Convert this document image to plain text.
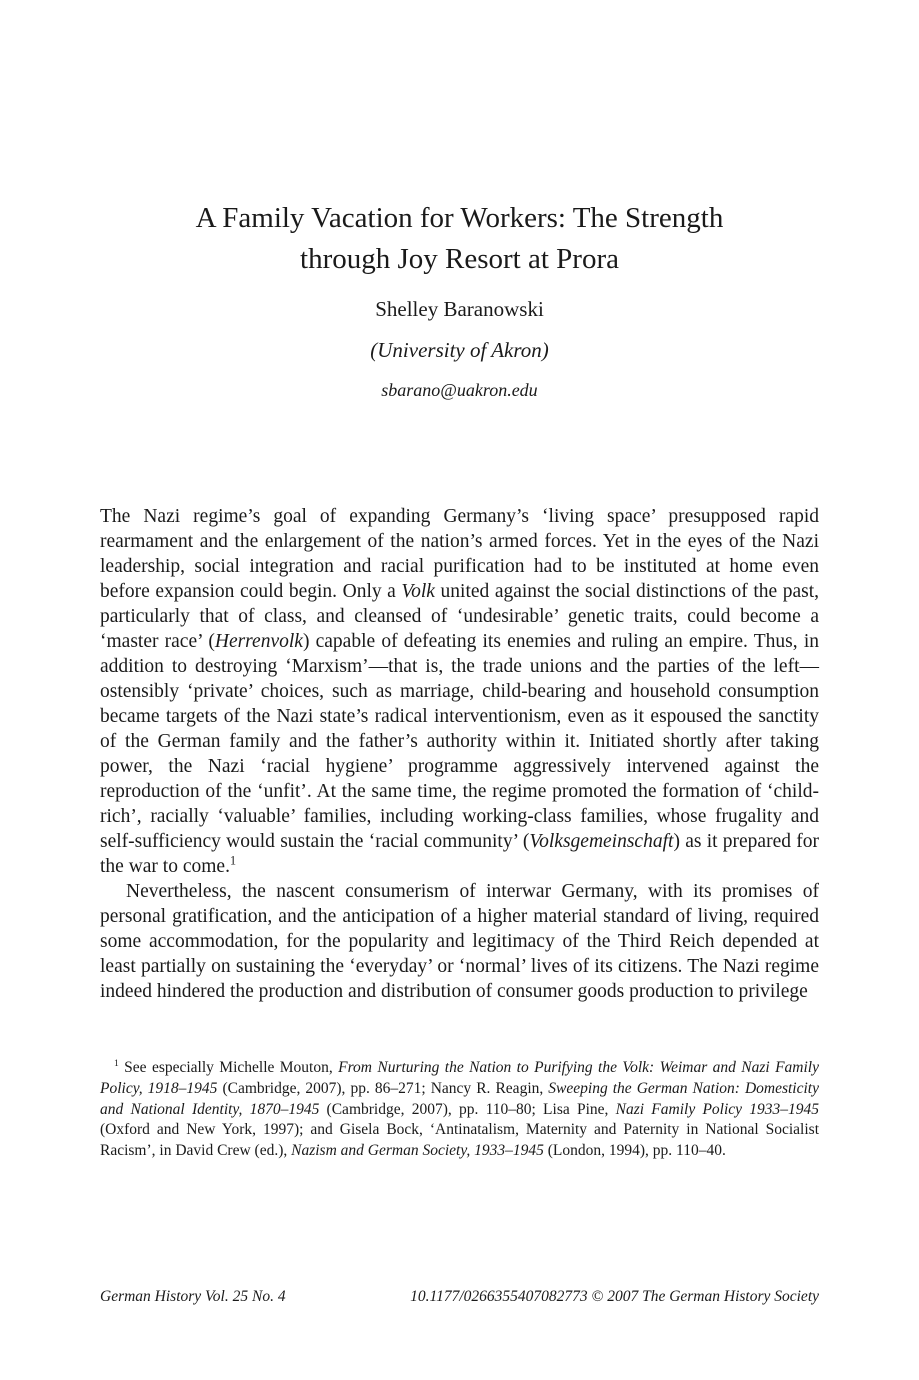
A Family Vacation for Workers: The Strength
through Joy Resort at Prora
Shelley Baranowski
(University of Akron)
sbarano@uakron.edu

The Nazi regime’s goal of expanding Germany’s ‘living space’ presupposed rapid rearmament and the enlargement of the nation’s armed forces. Yet in the eyes of the Nazi leadership, social integration and racial purification had to be instituted at home even before expansion could begin. Only a Volk united against the social distinctions of the past, particularly that of class, and cleansed of ‘undesirable’ genetic traits, could become a ‘master race’ (Herrenvolk) capable of defeating its enemies and ruling an empire. Thus, in addition to destroying ‘Marxism’—that is, the trade unions and the parties of the left—ostensibly ‘private’ choices, such as marriage, child-bearing and household consumption became targets of the Nazi state’s radical interventionism, even as it espoused the sanctity of the German family and the father’s authority within it. Initiated shortly after taking power, the Nazi ‘racial hygiene’ programme aggressively intervened against the reproduction of the ‘unfit’. At the same time, the regime promoted the formation of ‘child-rich’, racially ‘valuable’ families, including working-class families, whose frugality and self-sufficiency would sustain the ‘racial community’ (Volksgemeinschaft) as it prepared for the war to come.$^1$

Nevertheless, the nascent consumerism of interwar Germany, with its promises of personal gratification, and the anticipation of a higher material standard of living, required some accommodation, for the popularity and legitimacy of the Third Reich depended at least partially on sustaining the ‘everyday’ or ‘normal’ lives of its citizens. The Nazi regime indeed hindered the production and distribution of consumer goods production to privilege

$^1$ See especially Michelle Mouton, From Nurturing the Nation to Purifying the Volk: Weimar and Nazi Family Policy, 1918–1945 (Cambridge, 2007), pp. 86–271; Nancy R. Reagin, Sweeping the German Nation: Domesticity and National Identity, 1870–1945 (Cambridge, 2007), pp. 110–80; Lisa Pine, Nazi Family Policy 1933–1945 (Oxford and New York, 1997); and Gisela Bock, ‘Antinatalism, Maternity and Paternity in National Socialist Racism’, in David Crew (ed.), Nazism and German Society, 1933–1945 (London, 1994), pp. 110–40.
German History Vol. 25 No. 4	10.1177/0266355407082773 © 2007 The German History Society
